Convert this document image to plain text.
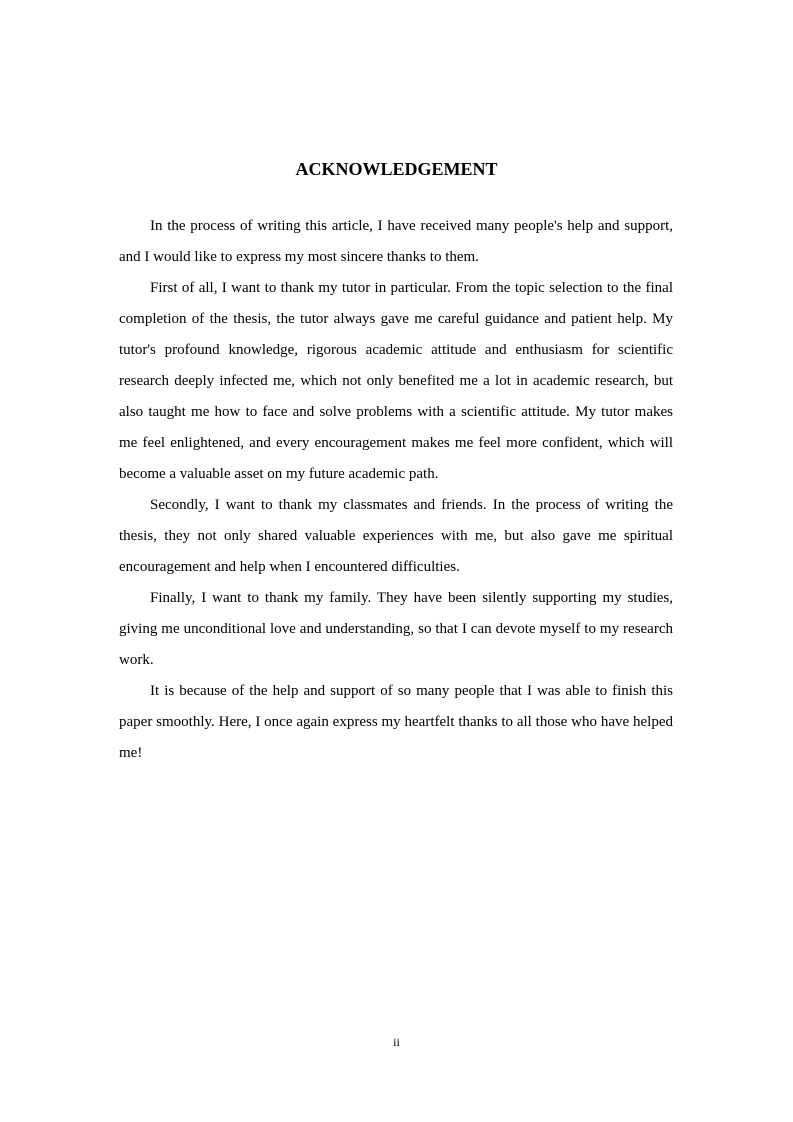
ACKNOWLEDGEMENT

In the process of writing this article, I have received many people's help and support, and I would like to express my most sincere thanks to them.

First of all, I want to thank my tutor in particular. From the topic selection to the final completion of the thesis, the tutor always gave me careful guidance and patient help. My tutor's profound knowledge, rigorous academic attitude and enthusiasm for scientific research deeply infected me, which not only benefited me a lot in academic research, but also taught me how to face and solve problems with a scientific attitude. My tutor makes me feel enlightened, and every encouragement makes me feel more confident, which will become a valuable asset on my future academic path.

Secondly, I want to thank my classmates and friends. In the process of writing the thesis, they not only shared valuable experiences with me, but also gave me spiritual encouragement and help when I encountered difficulties.

Finally, I want to thank my family. They have been silently supporting my studies, giving me unconditional love and understanding, so that I can devote myself to my research work.

It is because of the help and support of so many people that I was able to finish this paper smoothly. Here, I once again express my heartfelt thanks to all those who have helped me!

ii
